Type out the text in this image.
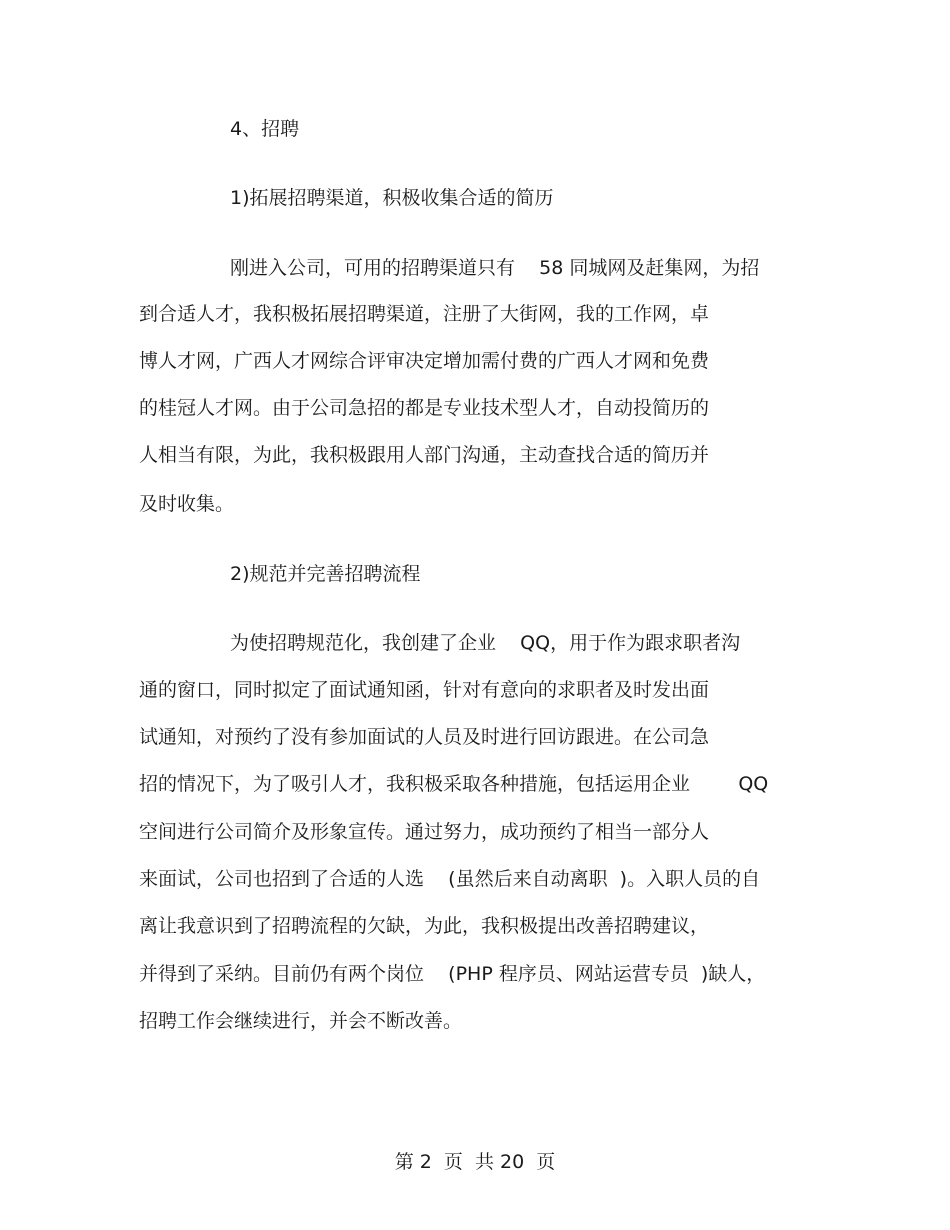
4、招聘
1)拓展招聘渠道，积极收集合适的简历
刚进入公司，可用的招聘渠道只有    58 同城网及赶集网，为招
到合适人才，我积极拓展招聘渠道，注册了大街网，我的工作网，卓
博人才网，广西人才网综合评审决定增加需付费的广西人才网和免费
的桂冠人才网。由于公司急招的都是专业技术型人才，自动投简历的
人相当有限，为此，我积极跟用人部门沟通，主动查找合适的简历并
及时收集。
2)规范并完善招聘流程
为使招聘规范化，我创建了企业    QQ，用于作为跟求职者沟
通的窗口，同时拟定了面试通知函，针对有意向的求职者及时发出面
试通知，对预约了没有参加面试的人员及时进行回访跟进。在公司急
招的情况下，为了吸引人才，我积极采取各种措施，包括运用企业        QQ
空间进行公司简介及形象宣传。通过努力，成功预约了相当一部分人
来面试，公司也招到了合适的人选    (虽然后来自动离职  )。入职人员的自
离让我意识到了招聘流程的欠缺，为此，我积极提出改善招聘建议，
并得到了采纳。目前仍有两个岗位    (PHP 程序员、网站运营专员  )缺人，
招聘工作会继续进行，并会不断改善。
第 2  页  共 20  页
